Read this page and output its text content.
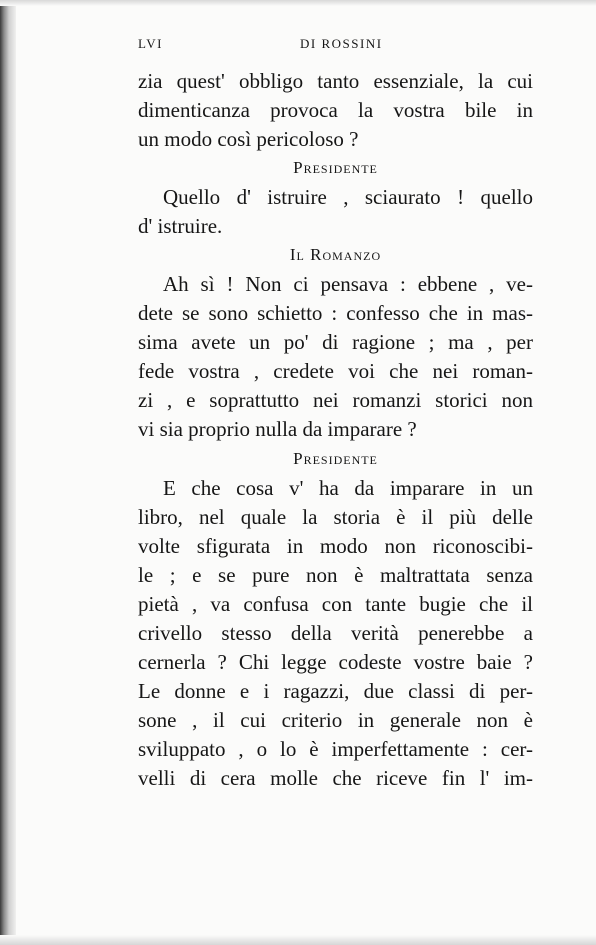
LVI	DI ROSSINI
zia quest' obbligo tanto essenziale, la cui
dimenticanza provoca la vostra bile in
un modo così pericoloso ?
Presidente
Quello d' istruire , sciaurato ! quello
d' istruire.
Il Romanzo
Ah sì ! Non ci pensava : ebbene , ve-
dete se sono schietto : confesso che in mas-
sima avete un po' di ragione ; ma , per
fede vostra , credete voi che nei roman-
zi , e soprattutto nei romanzi storici non
vi sia proprio nulla da imparare ?
Presidente
E che cosa v' ha da imparare in un
libro, nel quale la storia è il più delle
volte sfigurata in modo non riconoscibi-
le ; e se pure non è maltrattata senza
pietà , va confusa con tante bugie che il
crivello stesso della verità penerebbe a
cernerla ? Chi legge codeste vostre baie ?
Le donne e i ragazzi, due classi di per-
sone , il cui criterio in generale non è
sviluppato , o lo è imperfettamente : cer-
velli di cera molle che riceve fin l' im-
